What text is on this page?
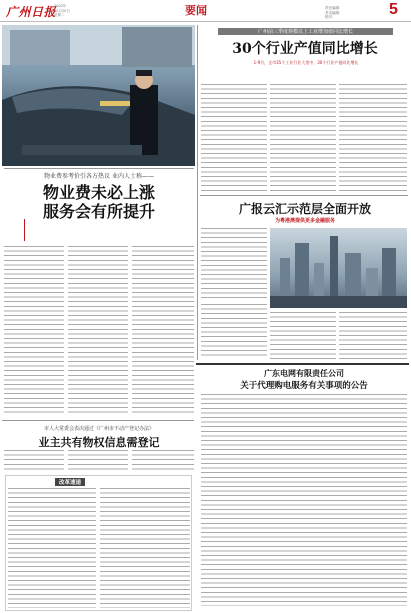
广州日报
2020年
10月20日
星期二	要闻	责任编辑：
美术编辑：
校对：	5
物业费参考价引各方热议 业内人士称——
物业费未必上涨
服务会有所提升
广州前三季度规模以上工业增加值同比增长
30个行业产值同比增长
1-9月，全市35个工业行业大类中，30个行业产值同比增长
广报云汇示范层全面开放
为粤港澳提供更多金融服务
广东电网有限责任公司
关于代理购电服务有关事项的公告
市人大常委会表决通过《广州市不动产登记办法》
业主共有物权信息需登记
改革速递
